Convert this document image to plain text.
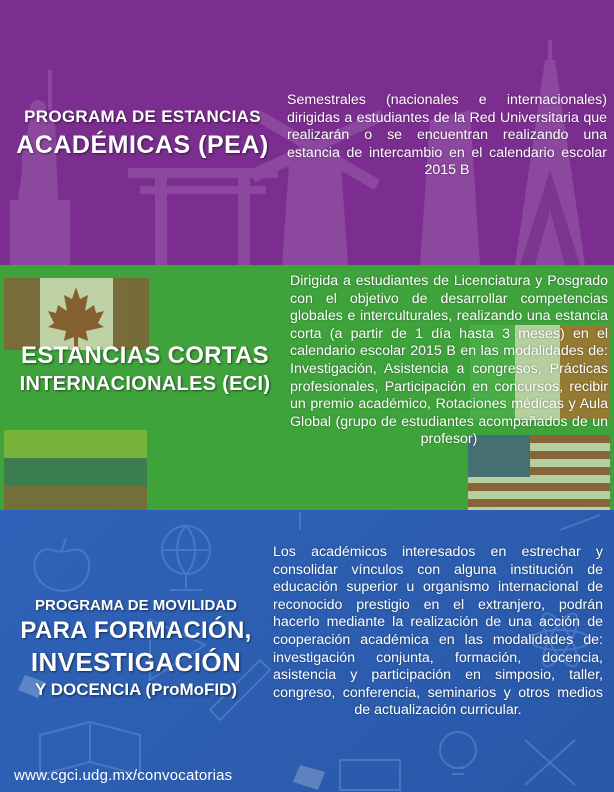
PROGRAMA DE ESTANCIAS
ACADÉMICAS (PEA)
Semestrales (nacionales e internacionales) dirigidas a estudiantes de la Red Universitaria que realizarán o se encuentran realizando una estancia de intercambio en el calendario escolar 2015 B
ESTANCIAS CORTAS
INTERNACIONALES (ECI)
Dirigida a estudiantes de Licenciatura y Posgrado con el objetivo de desarrollar competencias globales e interculturales, realizando una estancia corta (a partir de 1 día hasta 3 meses) en el calendario escolar 2015 B en las modalidades de: Investigación, Asistencia a congresos, Prácticas profesionales, Participación en concursos, recibir un premio académico, Rotaciones médicas y Aula Global (grupo de estudiantes acompañados de un profesor)
PROGRAMA DE MOVILIDAD
PARA FORMACIÓN,
INVESTIGACIÓN
Y DOCENCIA (ProMoFID)
Los académicos interesados en estrechar y consolidar vínculos con alguna institución de educación superior u organismo internacional de reconocido prestigio en el extranjero, podrán hacerlo mediante la realización de una acción de cooperación académica en las modalidades de: investigación conjunta, formación, docencia, asistencia y participación en simposio, taller, congreso, conferencia, seminarios y otros medios de actualización curricular.
www.cgci.udg.mx/convocatorias
